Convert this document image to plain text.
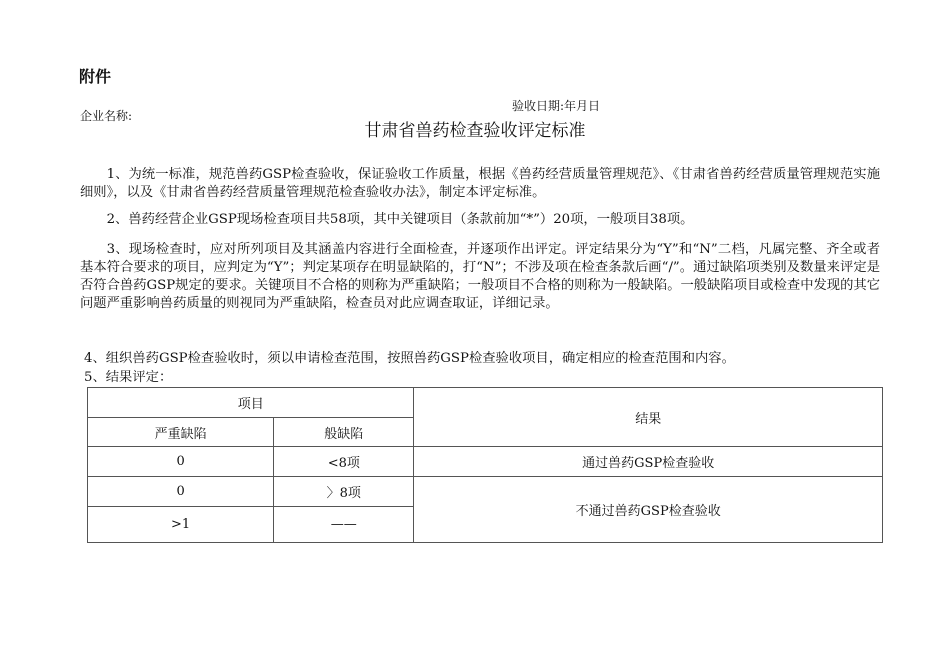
附件
企业名称:
验收日期:年月日
甘肃省兽药检查验收评定标准

1、为统一标准，规范兽药GSP检查验收，保证验收工作质量，根据《兽药经营质量管理规范》、《甘肃省兽药经营质量管理规范实施细则》，以及《甘肃省兽药经营质量管理规范检查验收办法》，制定本评定标准。

2、兽药经营企业GSP现场检查项目共58项，其中关键项目（条款前加“*”）20项，一般项目38项。

3、现场检查时，应对所列项目及其涵盖内容进行全面检查，并逐项作出评定。评定结果分为“Y”和“N”二档，凡属完整、齐全或者基本符合要求的项目，应判定为“Y”；判定某项存在明显缺陷的，打“N”；不涉及项在检查条款后画“/”。通过缺陷项类别及数量来评定是否符合兽药GSP规定的要求。关键项目不合格的则称为严重缺陷；一般项目不合格的则称为一般缺陷。一般缺陷项目或检查中发现的其它问题严重影响兽药质量的则视同为严重缺陷，检查员对此应调查取证，详细记录。

4、组织兽药GSP检查验收时，须以申请检查范围，按照兽药GSP检查验收项目，确定相应的检查范围和内容。

5、结果评定：

项目		结果
严重缺陷	般缺陷	
0	<8项	通过兽药GSP检查验收
0	〉8项	不通过兽药GSP检查验收
>1	——	
